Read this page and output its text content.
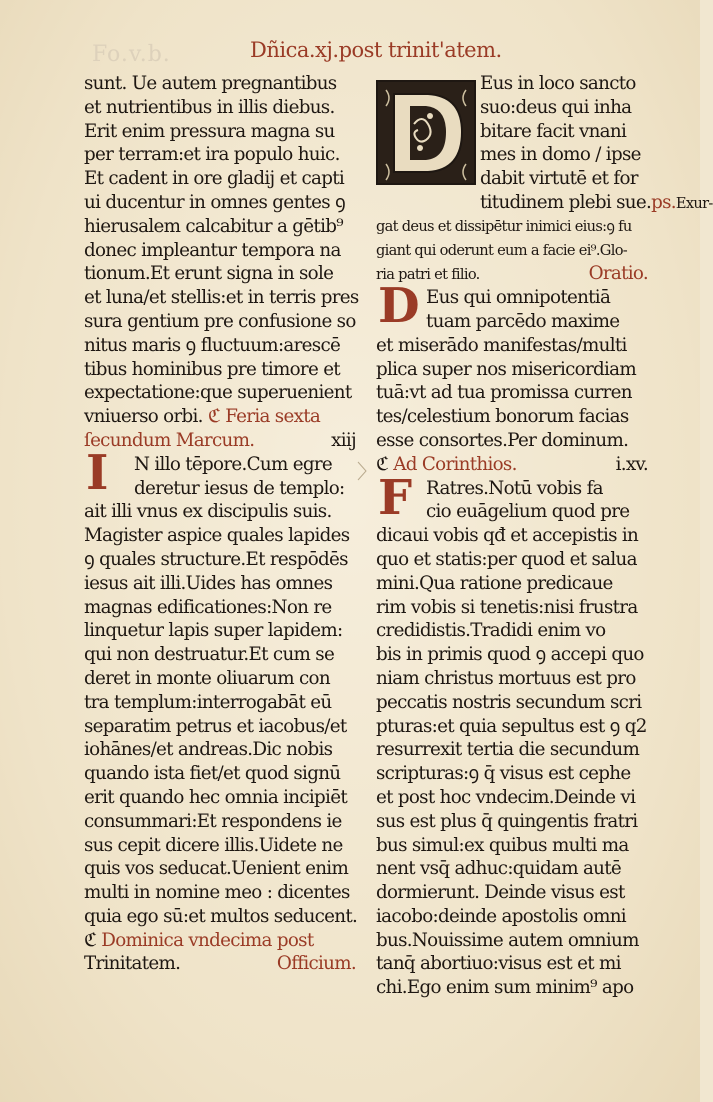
Fo.v.b.	Dñica.xj.post trinit'atem.
sunt. Ue autem pregnantibus
et nutrientibus in illis diebus.
Erit enim pressura magna su
per terram:et ira populo huic.
Et cadent in ore gladij et capti
ui ducentur in omnes gentes ꝯ
hierusalem calcabitur a gētib⁹
donec impleantur tempora na
tionum.Et erunt signa in sole
et luna/et stellis:et in terris pres
sura gentium pre confusione so
nitus maris ꝯ fluctuum:arescē
tibus hominibus pre timore et
expectatione:que superuenient
vniuerso orbi. ℭ Feria sexta
ſecundum Marcum.	xiij
N illo tēpore.Cum egre
deretur iesus de templo:
ait illi vnus ex discipulis suis.
Magister aspice quales lapides
ꝯ quales structure.Et respōdēs
iesus ait illi.Uides has omnes
magnas edificationes:Non re
linquetur lapis super lapidem:
qui non destruatur.Et cum se
deret in monte oliuarum con
tra templum:interrogabāt eū
separatim petrus et iacobus/et
iohānes/et andreas.Dic nobis
quando ista fiet/et quod signū
erit quando hec omnia incipiēt
consummari:Et respondens ie
sus cepit dicere illis.Uidete ne
quis vos seducat.Uenient enim
multi in nomine meo : dicentes
quia ego sū:et multos seducent.
ℭ Dominica vndecima post
Trinitatem.	Officium.
I
Eus in loco sancto
suo:deus qui inha
bitare facit vnani
mes in domo / ipse
dabit virtutē et for
titudinem plebi sue.ps.Exur-
gat deus et dissipētur inimici eius:ꝯ fu
giant qui oderunt eum a facie ei⁹.Glo-
ria patri et filio.	Oratio.
Eus qui omnipotentiā
tuam parcēdo maxime
et miserādo manifestas/multi
plica super nos misericordiam
tuā:vt ad tua promissa curren
tes/celestium bonorum facias
esse consortes.Per dominum.
ℭ Ad Corinthios.	i.xv.
Ratres.Notū vobis fa
cio euāgelium quod pre
dicaui vobis qđ et accepistis in
quo et statis:per quod et salua
mini.Qua ratione predicaue
rim vobis si tenetis:nisi frustra
credidistis.Tradidi enim vo
bis in primis quod ꝯ accepi quo
niam christus mortuus est pro
peccatis nostris secundum scri
pturas:et quia sepultus est ꝯ q2
resurrexit tertia die secundum
scripturas:ꝯ q̄ visus est cephe
et post hoc vndecim.Deinde vi
sus est plus q̄ quingentis fratri
bus simul:ex quibus multi ma
nent vsq̄ adhuc:quidam autē
dormierunt. Deinde visus est
iacobo:deinde apostolis omni
bus.Nouissime autem omnium
tanq̄ abortiuo:visus est et mi
chi.Ego enim sum minim⁹ apo
D
F
